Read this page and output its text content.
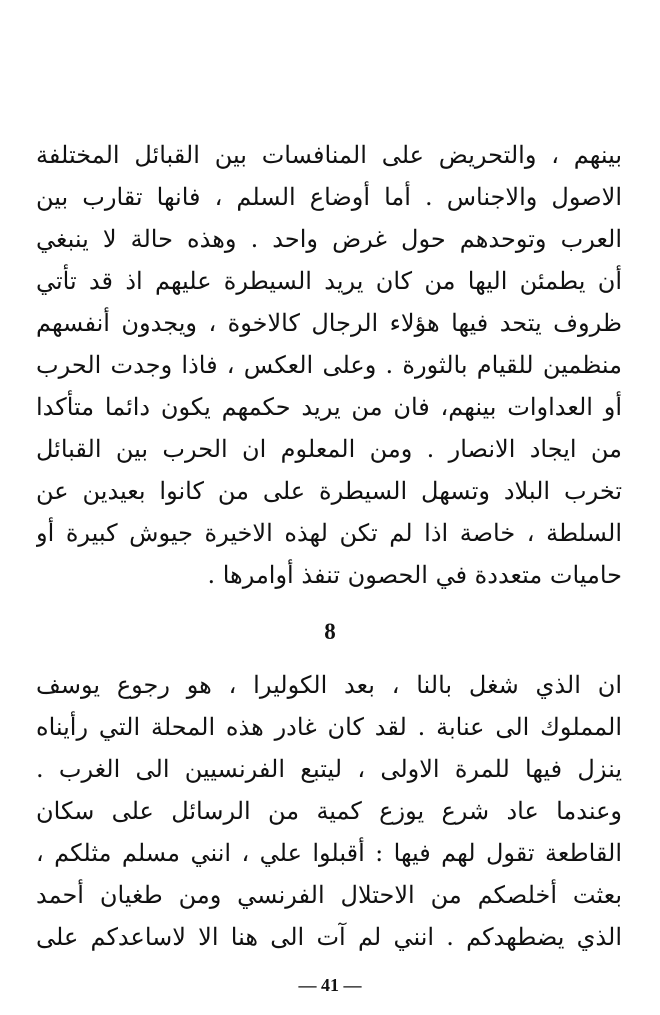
بينهم ، والتحريض على المنافسات بين القبائل المختلفة
الاصول والاجناس . أما أوضاع السلم ، فانها تقارب بين
العرب وتوحدهم حول غرض واحد . وهذه حالة لا ينبغي
أن يطمئن اليها من كان يريد السيطرة عليهم اذ قد تأتي
ظروف يتحد فيها هؤلاء الرجال كالاخوة ، ويجدون أنفسهم
منظمين للقيام بالثورة . وعلى العكس ، فاذا وجدت الحرب
أو العداوات بينهم، فان من يريد حكمهم يكون دائما متأكدا
من ايجاد الانصار . ومن المعلوم ان الحرب بين القبائل
تخرب البلاد وتسهل السيطرة على من كانوا بعيدين عن
السلطة ، خاصة اذا لم تكن لهذه الاخيرة جيوش كبيرة أو
حاميات متعددة في الحصون تنفذ أوامرها .
8
ان الذي شغل بالنا ، بعد الكوليرا ، هو رجوع يوسف
المملوك الى عنابة . لقد كان غادر هذه المحلة التي رأيناه
ينزل فيها للمرة الاولى ، ليتبع الفرنسيين الى الغرب .
وعندما عاد شرع يوزع كمية من الرسائل على سكان
القاطعة تقول لهم فيها : أقبلوا علي ، انني مسلم مثلكم ،
بعثت أخلصكم من الاحتلال الفرنسي ومن طغيان أحمد
الذي يضطهدكم . انني لم آت الى هنا الا لاساعدكم على
— 41 —
